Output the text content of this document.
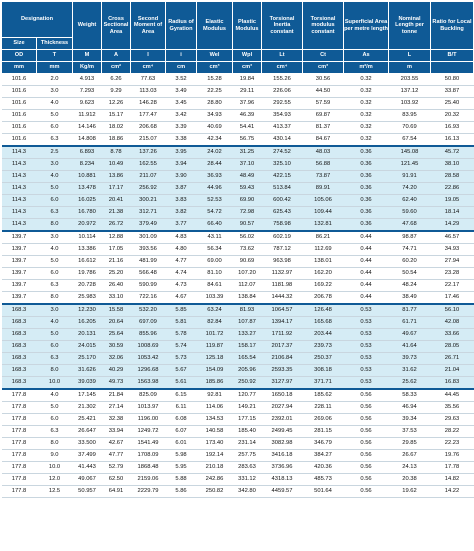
Designation		Weight	Cross Sectional Area	Second Moment of Area	Radius of Gyration	Elastic Modulus	Plastic Modulus	Torsional Inertia constant	Torsional modulus constant	Superficial Area per metre length	Nominal Length per tonne	Ratio for Local Buckling
Size	Thickness											
OD	T	M	A	I	i	Wel	Wpl	Lt	Ct	As	L	B/T
mm	mm	Kg/m	cm²	cm⁴	cm	cm³	cm³	cm⁴	cm³	m²/m	m	
101.6	2.0	4.913	6.26	77.63	3.52	15.28	19.84	155.26	30.56	0.32	203.55	50.80
101.6	3.0	7.293	9.29	113.03	3.49	22.25	29.11	226.06	44.50	0.32	137.12	33.87
101.6	4.0	9.623	12.26	146.28	3.45	28.80	37.96	292.55	57.59	0.32	103.92	25.40
101.6	5.0	11.912	15.17	177.47	3.42	34.93	46.39	354.93	69.87	0.32	83.95	20.32
101.6	6.0	14.146	18.02	206.68	3.39	40.69	54.41	413.37	81.37	0.32	70.69	16.93
101.6	6.3	14.808	18.86	215.07	3.38	42.34	56.75	430.14	84.67	0.32	67.54	16.13
114.3	2.5	6.893	8.78	137.26	3.95	24.02	31.25	274.52	48.03	0.36	145.08	45.72
114.3	3.0	8.234	10.49	162.55	3.94	28.44	37.10	325.10	56.88	0.36	121.45	38.10
114.3	4.0	10.881	13.86	211.07	3.90	36.93	48.49	422.15	73.87	0.36	91.91	28.58
114.3	5.0	13.478	17.17	256.92	3.87	44.96	59.43	513.84	89.91	0.36	74.20	22.86
114.3	6.0	16.025	20.41	300.21	3.83	52.53	69.90	600.42	105.06	0.36	62.40	19.05
114.3	6.3	16.780	21.38	312.71	3.82	54.72	72.98	625.43	109.44	0.36	59.60	18.14
114.3	8.0	20.972	26.72	379.49	3.77	66.40	90.57	758.98	132.81	0.36	47.68	14.29
139.7	3.0	10.114	12.88	301.09	4.83	43.11	56.02	602.19	86.21	0.44	98.87	46.57
139.7	4.0	13.386	17.05	393.56	4.80	56.34	73.62	787.12	112.69	0.44	74.71	34.93
139.7	5.0	16.612	21.16	481.99	4.77	69.00	90.69	963.98	138.01	0.44	60.20	27.94
139.7	6.0	19.786	25.20	566.48	4.74	81.10	107.20	1132.97	162.20	0.44	50.54	23.28
139.7	6.3	20.728	26.40	590.99	4.73	84.61	112.07	1181.98	169.22	0.44	48.24	22.17
139.7	8.0	25.983	33.10	722.16	4.67	103.39	138.84	1444.32	206.78	0.44	38.49	17.46
168.3	3.0	12.230	15.58	532.20	5.85	63.24	81.93	1064.57	126.48	0.53	81.77	56.10
168.3	4.0	16.205	20.64	697.09	5.81	82.84	107.87	1394.17	165.68	0.53	61.71	42.08
168.3	5.0	20.131	25.64	855.96	5.78	101.72	133.27	1711.92	203.44	0.53	49.67	33.66
168.3	6.0	24.015	30.59	1008.69	5.74	119.87	158.17	2017.37	239.73	0.53	41.64	28.05
168.3	6.3	25.170	32.06	1053.42	5.73	125.18	165.54	2106.84	250.37	0.53	39.73	26.71
168.3	8.0	31.626	40.29	1296.68	5.67	154.09	205.96	2593.35	308.18	0.53	31.62	21.04
168.3	10.0	39.039	49.73	1563.98	5.61	185.86	250.92	3127.97	371.71	0.53	25.62	16.83
177.8	4.0	17.145	21.84	825.09	6.15	92.81	120.77	1650.18	185.62	0.56	58.33	44.45
177.8	5.0	21.302	27.14	1013.97	6.11	114.06	149.21	2027.94	228.11	0.56	46.94	35.56
177.8	6.0	25.421	32.38	1196.00	6.08	134.53	177.15	2392.01	269.06	0.56	39.34	29.63
177.8	6.3	26.647	33.94	1249.72	6.07	140.58	185.40	2499.45	281.15	0.56	37.53	28.22
177.8	8.0	33.500	42.67	1541.49	6.01	173.40	231.14	3082.98	346.79	0.56	29.85	22.23
177.8	9.0	37.499	47.77	1708.09	5.98	192.14	257.75	3416.18	384.27	0.56	26.67	19.76
177.8	10.0	41.443	52.79	1868.48	5.95	210.18	283.63	3736.96	420.36	0.56	24.13	17.78
177.8	12.0	49.067	62.50	2159.06	5.88	242.86	331.12	4318.13	485.73	0.56	20.38	14.82
177.8	12.5	50.957	64.91	2229.79	5.86	250.82	342.80	4459.57	501.64	0.56	19.62	14.22
